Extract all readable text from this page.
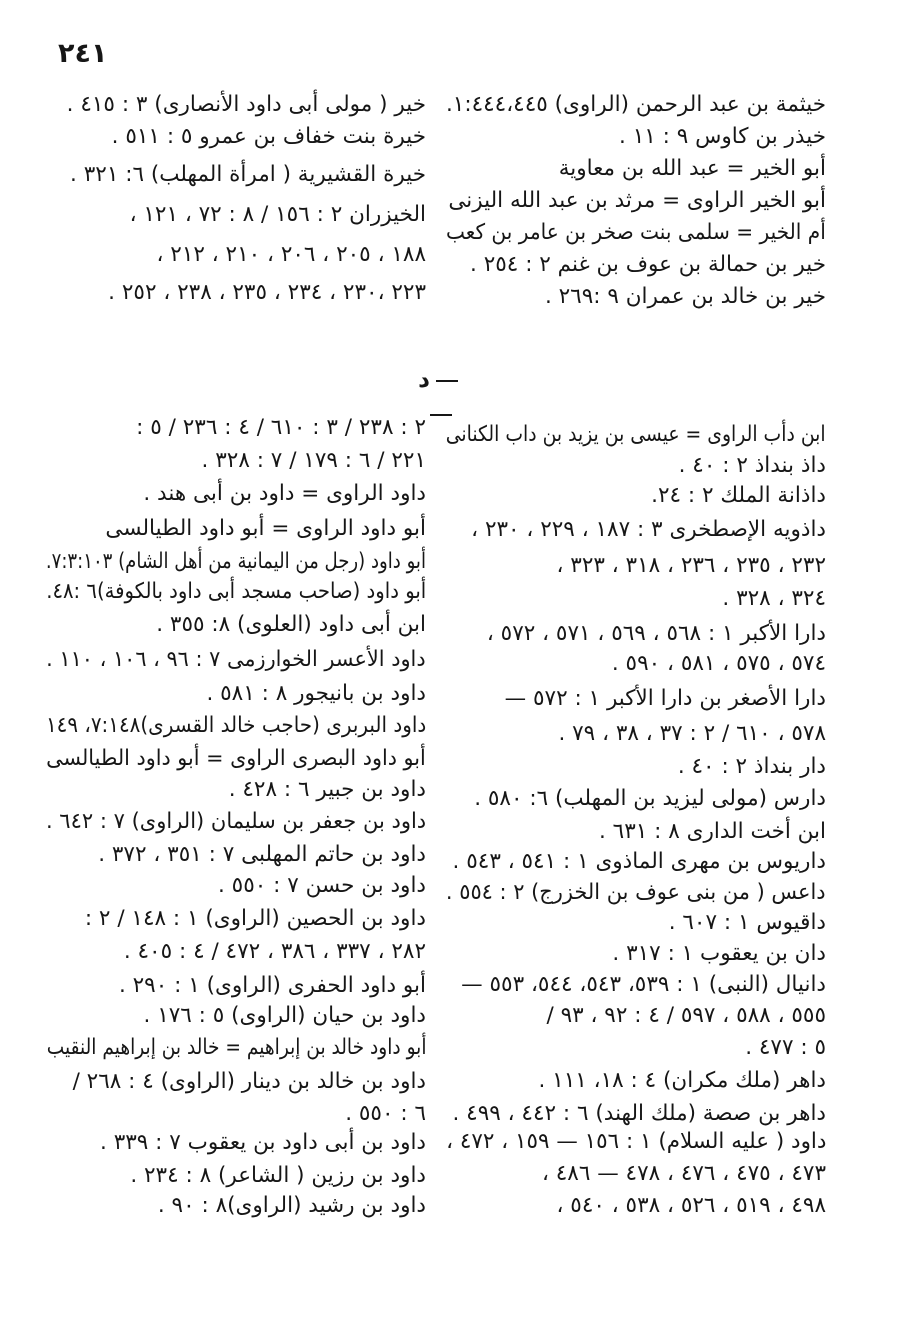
٢٤١
خيثمة بن عبد الرحمن (الراوى) ١:٤٤٤،٤٤٥.
خيذر بن كاوس ٩ : ١١ .
أبو الخير = عبد الله بن معاوية
أبو الخير الراوى = مرثد بن عبد الله اليزنى
أم الخير = سلمى بنت صخر بن عامر بن كعب
خير بن حمالة بن عوف بن غنم ٢ : ٢٥٤ .
خير بن خالد بن عمران ٩ :٢٦٩ .
خير ( مولى أبى داود الأنصارى) ٣ : ٤١٥ .
خيرة بنت خفاف بن عمرو ٥ : ٥١١ .
خيرة القشيرية ( امرأة المهلب) ٦: ٣٢١ .
الخيزران ٢ : ١٥٦ / ٨ : ٧٢ ، ١٢١ ،
١٨٨ ، ٢٠٥ ، ٢٠٦ ، ٢١٠ ، ٢١٢ ،
٢٢٣ ،٢٣٠ ، ٢٣٤ ، ٢٣٥ ، ٢٣٨ ، ٢٥٢ .
د
ابن دأب الراوى = عيسى بن يزيد بن داب الكنانى
داذ بنداذ ٢ : ٤٠ .
داذانة الملك ٢ : ٢٤.
داذويه الإصطخرى ٣ : ١٨٧ ، ٢٢٩ ، ٢٣٠ ،
٢٣٢ ، ٢٣٥ ، ٢٣٦ ، ٣١٨ ، ٣٢٣ ،
٣٢٤ ، ٣٢٨ .
دارا الأكبر ١ : ٥٦٨ ، ٥٦٩ ، ٥٧١ ، ٥٧٢ ،
٥٧٤ ، ٥٧٥ ، ٥٨١ ، ٥٩٠ .
دارا الأصغر بن دارا الأكبر ١ : ٥٧٢ —
٥٧٨ ، ٦١٠ / ٢ : ٣٧ ، ٣٨ ، ٧٩ .
دار بنداذ ٢ : ٤٠ .
دارس (مولى ليزيد بن المهلب) ٦: ٥٨٠ .
ابن أخت الدارى ٨ : ٦٣١ .
داريوس بن مهرى الماذوى ١ : ٥٤١ ، ٥٤٣ .
داعس ( من بنى عوف بن الخزرج) ٢ : ٥٥٤ .
داقيوس ١ : ٦٠٧ .
دان بن يعقوب ١ : ٣١٧ .
دانيال (النبى) ١ : ٥٣٩، ٥٤٣، ٥٤٤، ٥٥٣ —
٥٥٥ ، ٥٨٨ ، ٥٩٧ / ٤ : ٩٢ ، ٩٣ /
٥ : ٤٧٧ .
داهر (ملك مكران) ٤ : ١٨، ١١١ .
داهر بن صصة (ملك الهند) ٦ : ٤٤٢ ، ٤٩٩ .
داود ( عليه السلام) ١ : ١٥٦ — ١٥٩ ، ٤٧٢ ،
٤٧٣ ، ٤٧٥ ، ٤٧٦ ، ٤٧٨ — ٤٨٦ ،
٤٩٨ ، ٥١٩ ، ٥٢٦ ، ٥٣٨ ، ٥٤٠ ،
٢ : ٢٣٨ / ٣ : ٦١٠ / ٤ : ٢٣٦ / ٥ :
٢٢١ / ٦ : ١٧٩ / ٧ : ٣٢٨ .
داود الراوى = داود بن أبى هند .
أبو داود الراوى = أبو داود الطيالسى
أبو داود (رجل من اليمانية من أهل الشام) ٧:٣:١٠٣.
أبو داود (صاحب مسجد أبى داود بالكوفة)٦ :٤٨.
ابن أبى داود (العلوى) ٨: ٣٥٥ .
داود الأعسر الخوارزمى ٧ : ٩٦ ، ١٠٦ ، ١١٠ .
داود بن بانيجور ٨ : ٥٨١ .
داود البربرى (حاجب خالد القسرى)٧:١٤٨، ١٤٩
أبو داود البصرى الراوى = أبو داود الطيالسى
داود بن جبير ٦ : ٤٢٨ .
داود بن جعفر بن سليمان (الراوى) ٧ : ٦٤٢ .
داود بن حاتم المهلبى ٧ : ٣٥١ ، ٣٧٢ .
داود بن حسن ٧ : ٥٥٠ .
داود بن الحصين (الراوى) ١ : ١٤٨ / ٢ :
٢٨٢ ، ٣٣٧ ، ٣٨٦ ، ٤٧٢ / ٤ : ٤٠٥ .
أبو داود الحفرى (الراوى) ١ : ٢٩٠ .
داود بن حيان (الراوى) ٥ : ١٧٦ .
أبو داود خالد بن إبراهيم = خالد بن إبراهيم النقيب
داود بن خالد بن دينار (الراوى) ٤ : ٢٦٨ /
٦ : ٥٥٠ .
داود بن أبى داود بن يعقوب ٧ : ٣٣٩ .
داود بن رزين ( الشاعر) ٨ : ٢٣٤ .
داود بن رشيد (الراوى)٨ : ٩٠ .
